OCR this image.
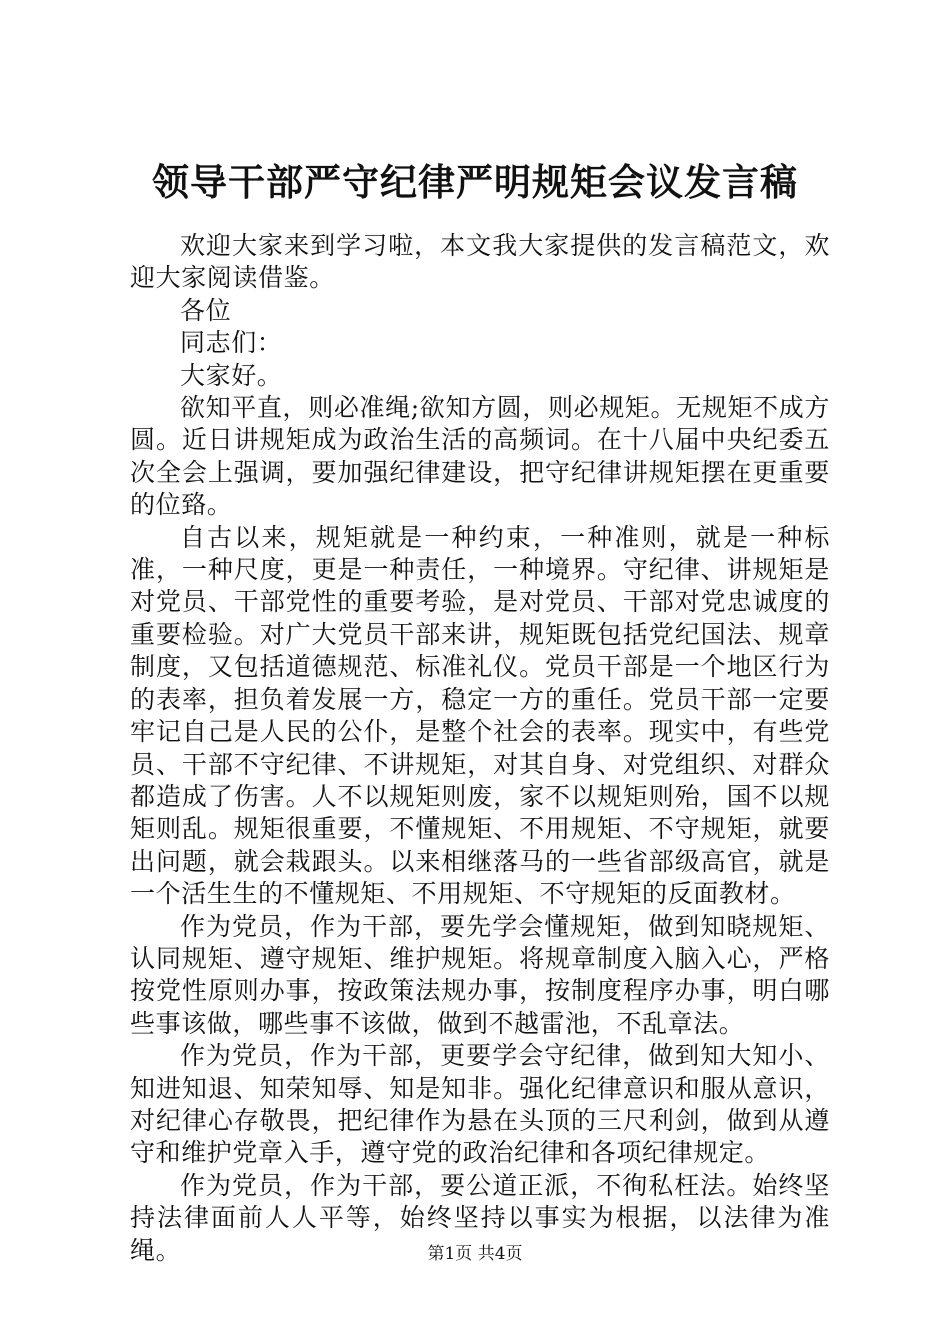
领导干部严守纪律严明规矩会议发言稿

欢迎大家来到学习啦，本文我大家提供的发言稿范文，欢迎大家阅读借鉴。

各位

同志们：

大家好。

欲知平直，则必准绳;欲知方圆，则必规矩。无规矩不成方圆。近日讲规矩成为政治生活的高频词。在十八届中央纪委五次全会上强调，要加强纪律建设，把守纪律讲规矩摆在更重要的位臵。

自古以来，规矩就是一种约束，一种准则，就是一种标准，一种尺度，更是一种责任，一种境界。守纪律、讲规矩是对党员、干部党性的重要考验，是对党员、干部对党忠诚度的重要检验。对广大党员干部来讲，规矩既包括党纪国法、规章制度，又包括道德规范、标准礼仪。党员干部是一个地区行为的表率，担负着发展一方，稳定一方的重任。党员干部一定要牢记自己是人民的公仆，是整个社会的表率。现实中，有些党员、干部不守纪律、不讲规矩，对其自身、对党组织、对群众都造成了伤害。人不以规矩则废，家不以规矩则殆，国不以规矩则乱。规矩很重要，不懂规矩、不用规矩、不守规矩，就要出问题，就会栽跟头。以来相继落马的一些省部级高官，就是一个活生生的不懂规矩、不用规矩、不守规矩的反面教材。

作为党员，作为干部，要先学会懂规矩，做到知晓规矩、认同规矩、遵守规矩、维护规矩。将规章制度入脑入心，严格按党性原则办事，按政策法规办事，按制度程序办事，明白哪些事该做，哪些事不该做，做到不越雷池，不乱章法。

作为党员，作为干部，更要学会守纪律，做到知大知小、知进知退、知荣知辱、知是知非。强化纪律意识和服从意识，对纪律心存敬畏，把纪律作为悬在头顶的三尺利剑，做到从遵守和维护党章入手，遵守党的政治纪律和各项纪律规定。

作为党员，作为干部，要公道正派，不徇私枉法。始终坚持法律面前人人平等，始终坚持以事实为根据，以法律为准绳。	第1页 共4页
